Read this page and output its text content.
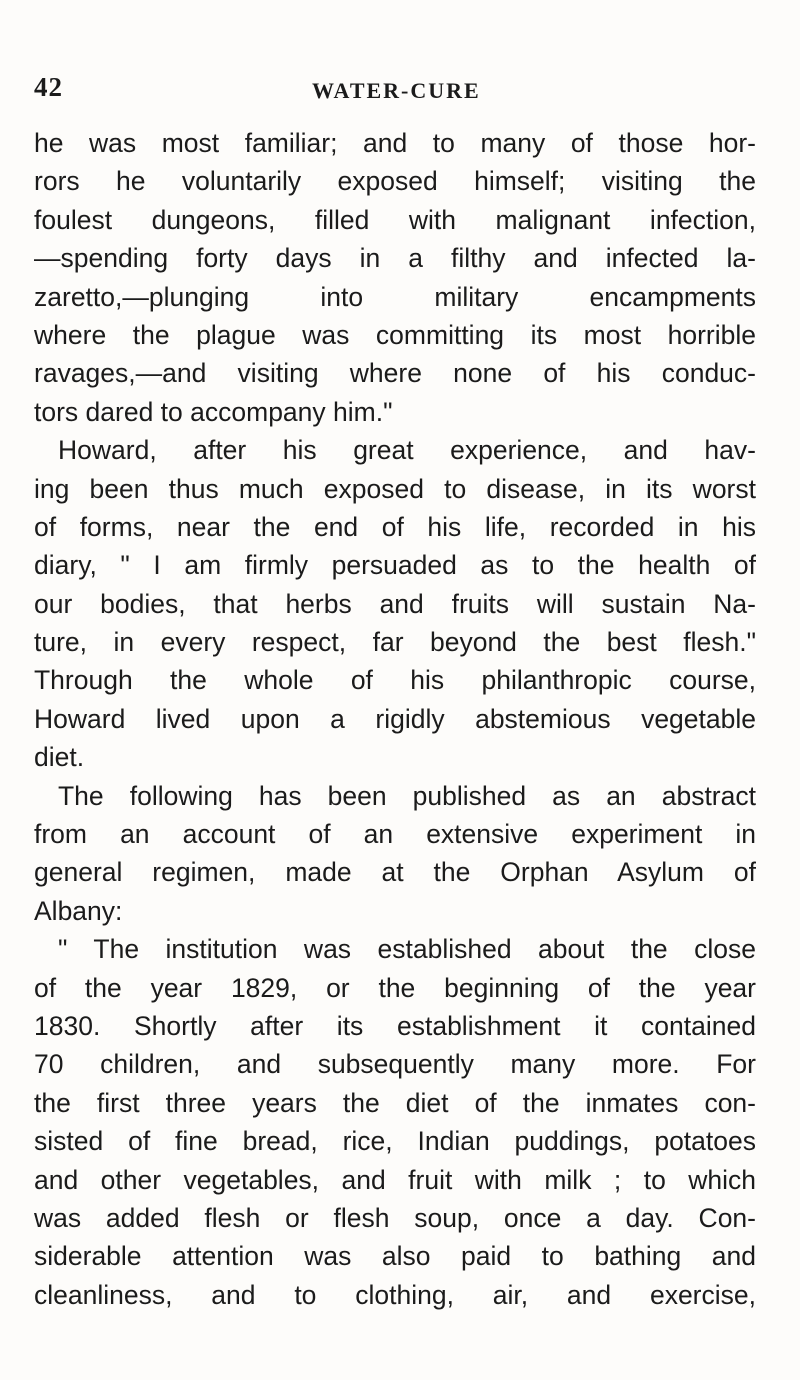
42	WATER-CURE
he was most familiar; and to many of those hor-
rors he voluntarily exposed himself; visiting the
foulest dungeons, filled with malignant infection,
—spending forty days in a filthy and infected la-
zaretto,—plunging into military encampments
where the plague was committing its most horrible
ravages,—and visiting where none of his conduc-
tors dared to accompany him."
Howard, after his great experience, and hav-
ing been thus much exposed to disease, in its worst
of forms, near the end of his life, recorded in his
diary, " I am firmly persuaded as to the health of
our bodies, that herbs and fruits will sustain Na-
ture, in every respect, far beyond the best flesh."
Through the whole of his philanthropic course,
Howard lived upon a rigidly abstemious vegetable
diet.
The following has been published as an abstract
from an account of an extensive experiment in
general regimen, made at the Orphan Asylum of
Albany:
" The institution was established about the close
of the year 1829, or the beginning of the year
1830. Shortly after its establishment it contained
70 children, and subsequently many more. For
the first three years the diet of the inmates con-
sisted of fine bread, rice, Indian puddings, potatoes
and other vegetables, and fruit with milk ; to which
was added flesh or flesh soup, once a day. Con-
siderable attention was also paid to bathing and
cleanliness, and to clothing, air, and exercise,
